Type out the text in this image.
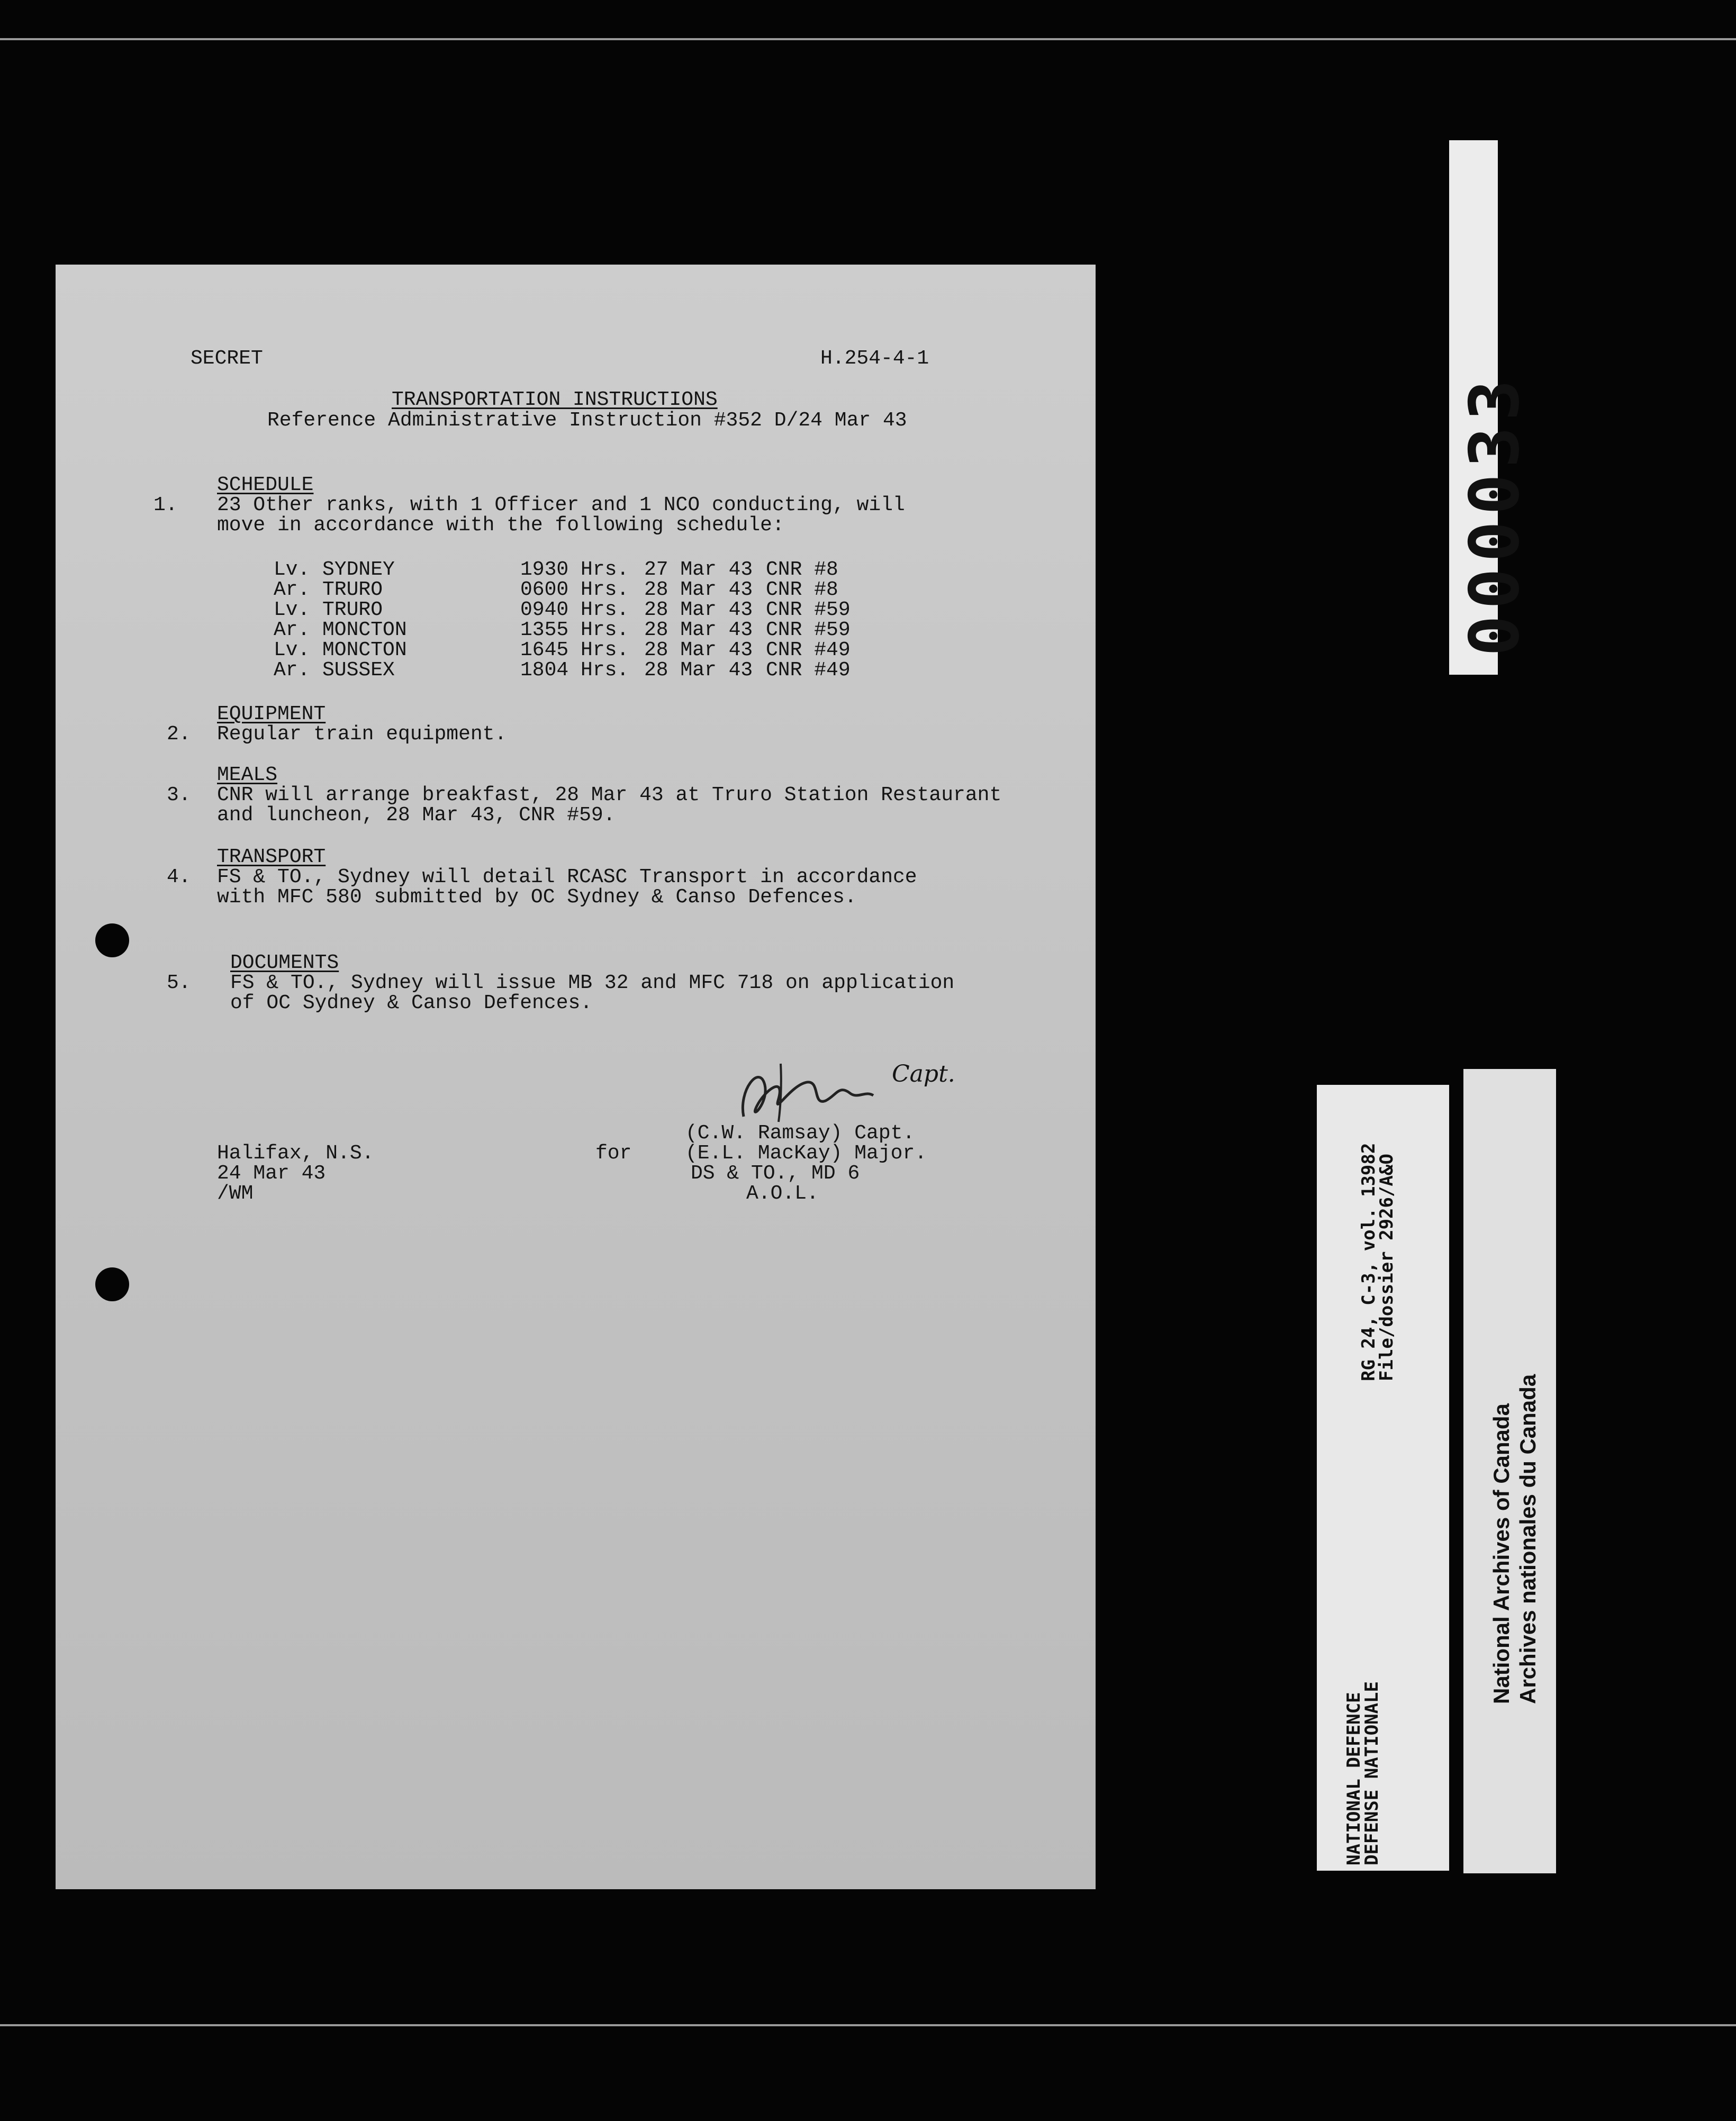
SECRET	H.254-4-1
TRANSPORTATION INSTRUCTIONS
Reference Administrative Instruction #352 D/24 Mar 43
1.
SCHEDULE
23 Other ranks, with 1 Officer and 1 NCO conducting, will
move in accordance with the following schedule:
Lv. SYDNEY	1930 Hrs. 27 Mar 43 CNR #8
Ar. TRURO	0600 Hrs. 28 Mar 43 CNR #8
Lv. TRURO	0940 Hrs. 28 Mar 43 CNR #59
Ar. MONCTON	1355 Hrs. 28 Mar 43 CNR #59
Lv. MONCTON	1645 Hrs. 28 Mar 43 CNR #49
Ar. SUSSEX	1804 Hrs. 28 Mar 43 CNR #49
EQUIPMENT
2. Regular train equipment.
MEALS
3. CNR will arrange breakfast, 28 Mar 43 at Truro Station Restaurant
and luncheon, 28 Mar 43, CNR #59.
TRANSPORT
4. FS & TO., Sydney will detail RCASC Transport in accordance
with MFC 580 submitted by OC Sydney & Canso Defences.
DOCUMENTS
5. FS & TO., Sydney will issue MB 32 and MFC 718 on application
of OC Sydney & Canso Defences.
Capt.
Halifax, N.S.
24 Mar 43
/WM
for
(C.W. Ramsay) Capt.
(E.L. MacKay) Major.
DS & TO., MD 6
A.O.L.
000033
RG 24, C-3, vol. 13982
File/dossier 2926/A&O
NATIONAL DEFENCE
DEFENSE NATIONALE
National Archives of Canada Archives nationales du Canada
